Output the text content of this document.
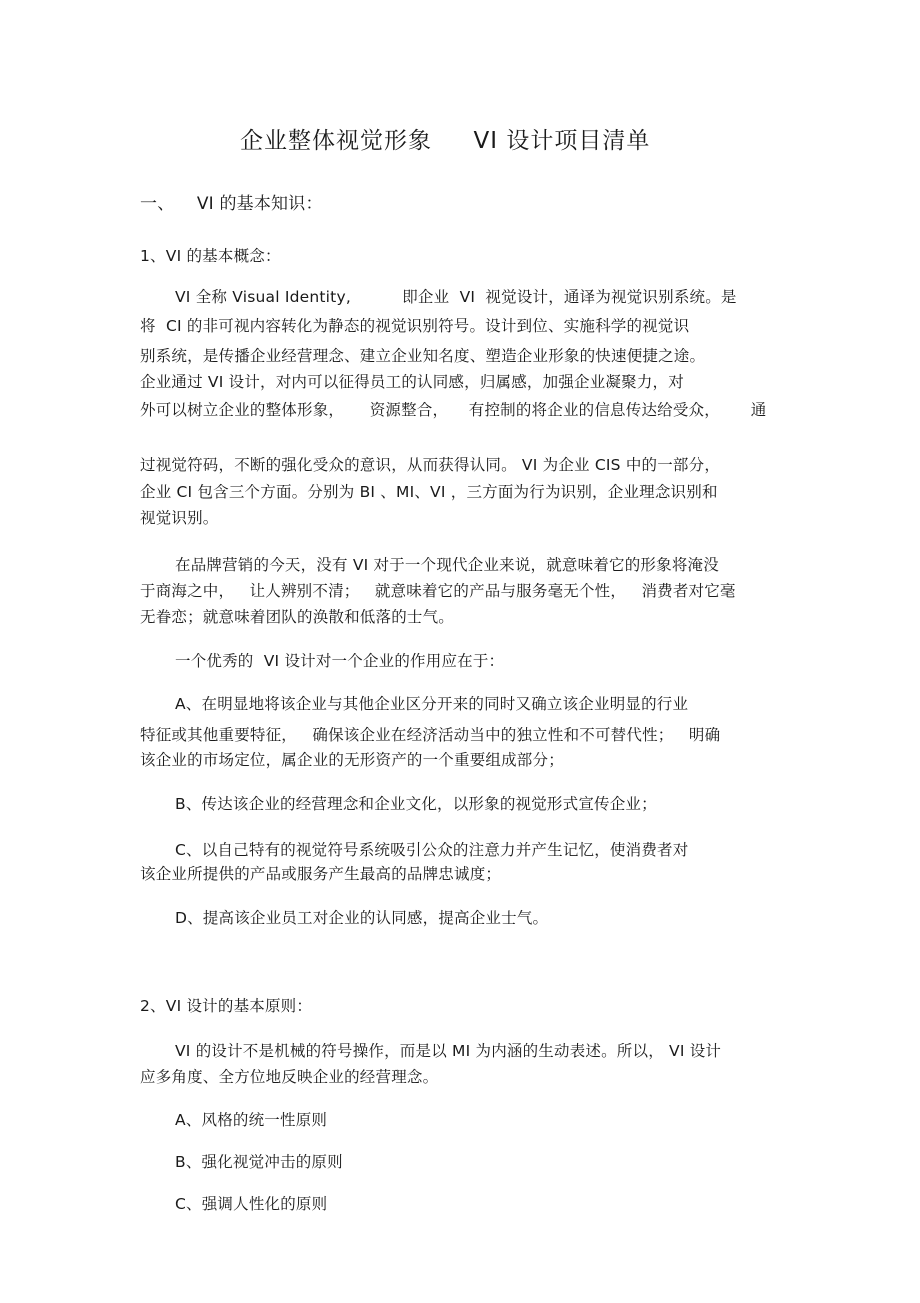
企业整体视觉形象     VI 设计项目清单
一、    VI 的基本知识：
1、VI 的基本概念：
VI 全称 Visual Identity,          即企业  VI  视觉设计，通译为视觉识别系统。是
将  CI 的非可视内容转化为静态的视觉识别符号。设计到位、实施科学的视觉识
别系统，是传播企业经营理念、建立企业知名度、塑造企业形象的快速便捷之途。
企业通过 VI 设计，对内可以征得员工的认同感，归属感，加强企业凝聚力，对
外可以树立企业的整体形象，     资源整合，    有控制的将企业的信息传达给受众，      通
过视觉符码，不断的强化受众的意识，从而获得认同。 VI 为企业 CIS 中的一部分，
企业 CI 包含三个方面。分别为 BI 、MI、VI ，三方面为行为识别，企业理念识别和
视觉识别。
在品牌营销的今天，没有 VI 对于一个现代企业来说，就意味着它的形象将淹没
于商海之中，   让人辨别不清；   就意味着它的产品与服务毫无个性，   消费者对它毫
无眷恋；就意味着团队的涣散和低落的士气。
一个优秀的  VI 设计对一个企业的作用应在于：
A、在明显地将该企业与其他企业区分开来的同时又确立该企业明显的行业
特征或其他重要特征，   确保该企业在经济活动当中的独立性和不可替代性；   明确
该企业的市场定位，属企业的无形资产的一个重要组成部分；
B、传达该企业的经营理念和企业文化，以形象的视觉形式宣传企业；
C、以自己特有的视觉符号系统吸引公众的注意力并产生记忆，使消费者对
该企业所提供的产品或服务产生最高的品牌忠诚度；
D、提高该企业员工对企业的认同感，提高企业士气。
2、VI 设计的基本原则：
VI 的设计不是机械的符号操作，而是以 MI 为内涵的生动表述。所以， VI 设计
应多角度、全方位地反映企业的经营理念。
A、风格的统一性原则
B、强化视觉冲击的原则
C、强调人性化的原则
